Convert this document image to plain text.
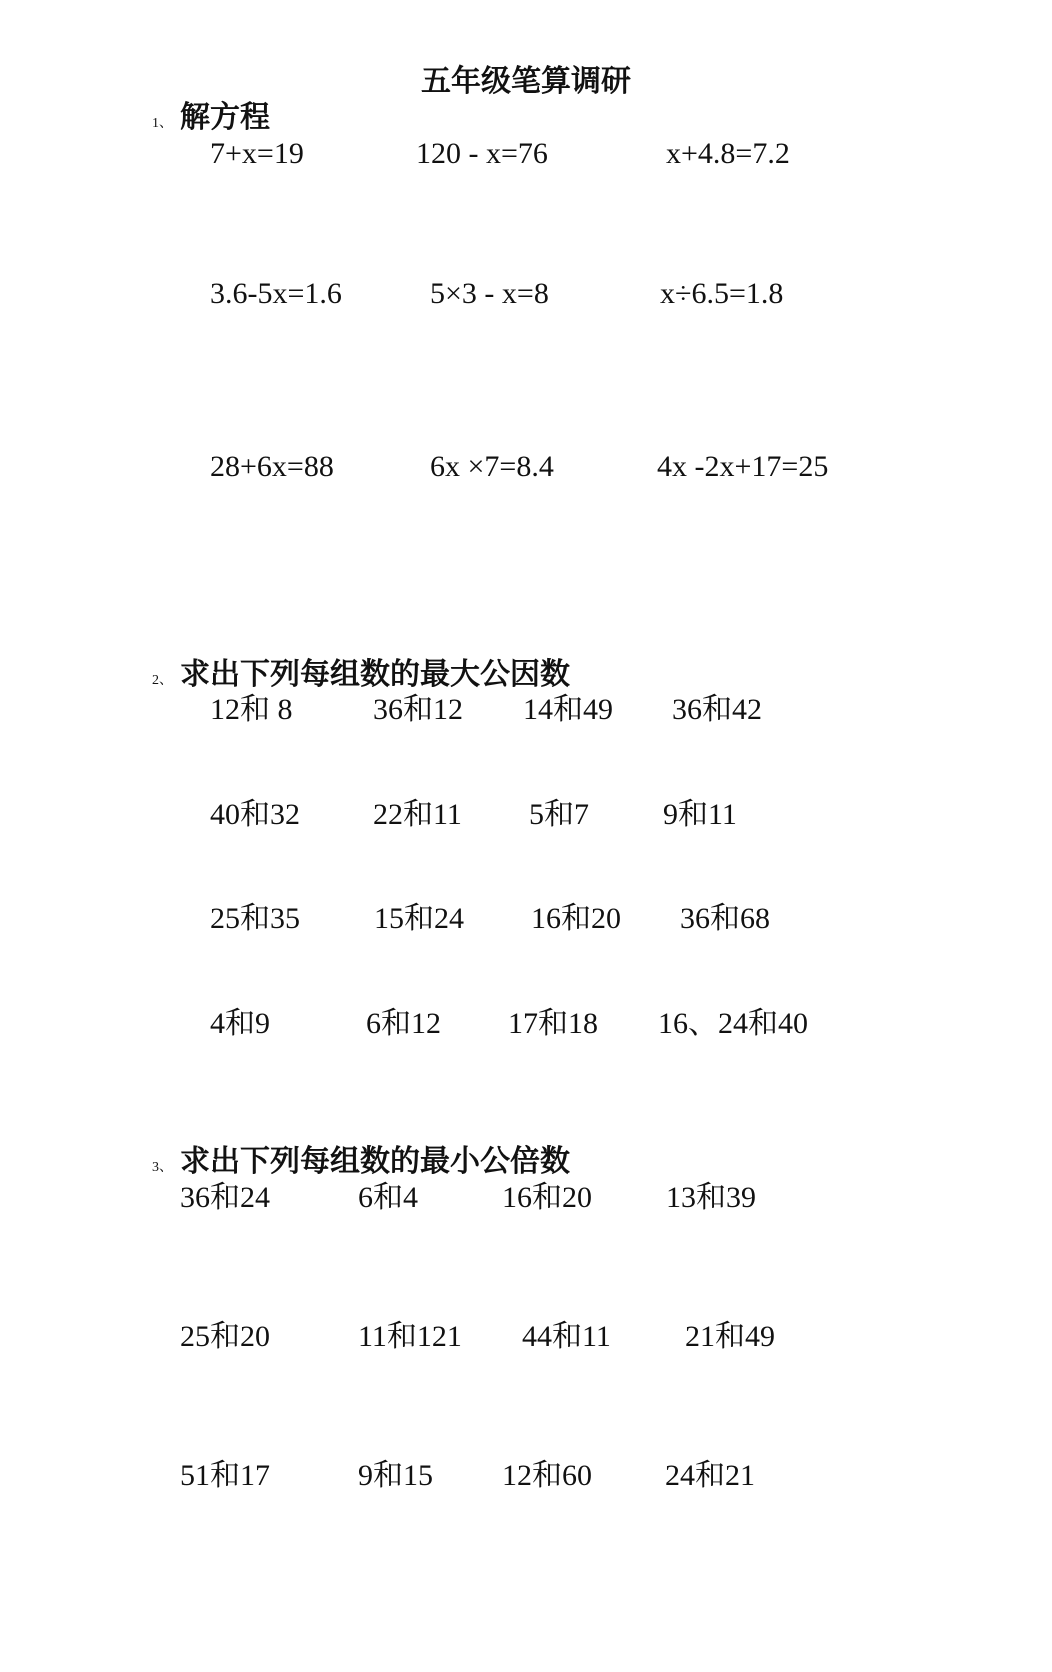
五年级笔算调研
1、 解方程
7+x=19	120 - x=76	x+4.8=7.2
3.6-5x=1.6	5×3 - x=8	x÷6.5=1.8
28+6x=88	6x ×7=8.4	4x -2x+17=25
2、 求出下列每组数的最大公因数
12和 8	36和12 14和49 36和42
40和32 22和11 5和7 9和11
25和35 15和24 16和20 36和68
4和9	6和12 17和18 16、24和40
3、 求出下列每组数的最小公倍数
36和24	6和4	16和20 13和39
25和20	11和121 44和11 21和49
51和17	9和15 12和60 24和21
